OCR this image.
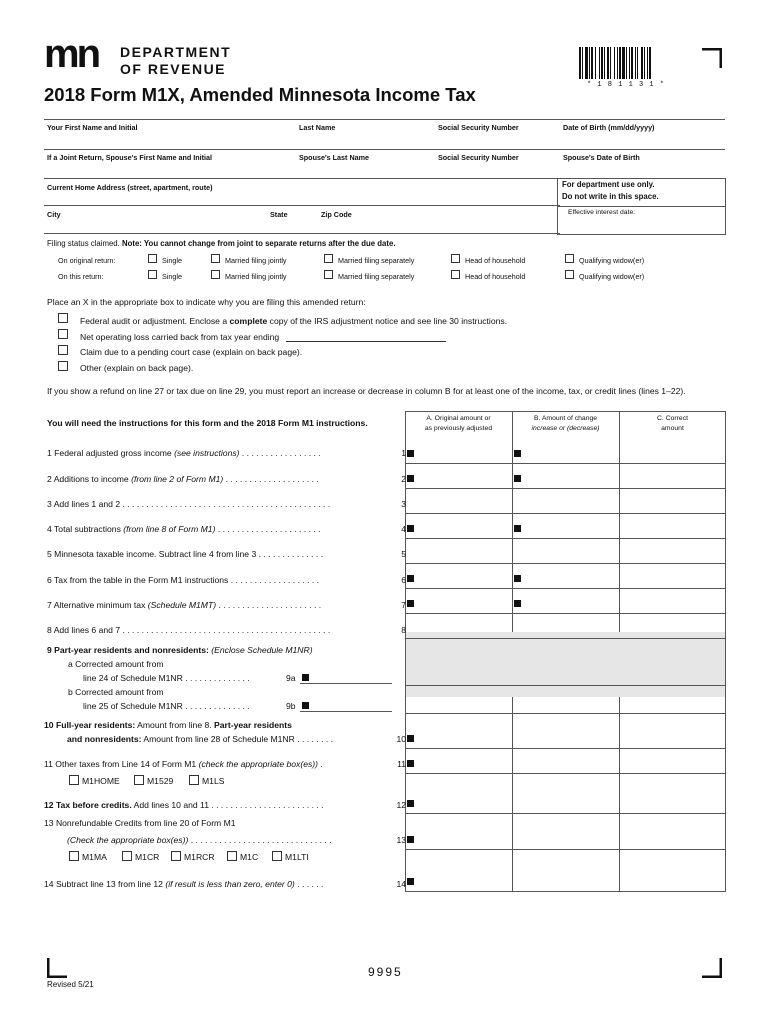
mn DEPARTMENT
OF REVENUE
* 1 8 1 1 3 1 *
2018 Form M1X, Amended Minnesota Income Tax
Your First Name and Initial	Last Name	Social Security Number	Date of Birth (mm/dd/yyyy)
If a Joint Return, Spouse's First Name and Initial	Spouse's Last Name	Social Security Number	Spouse's Date of Birth
Current Home Address (street, apartment, route)
City	State	Zip Code
For department use only.
Do not write in this space.
Effective interest date:
Filing status claimed. Note: You cannot change from joint to separate returns after the due date.
On original return:
On this return:
Single	Married filing jointly	Married filing separately	Head of household	Qualifying widow(er)
Single	Married filing jointly	Married filing separately	Head of household	Qualifying widow(er)
Place an X in the appropriate box to indicate why you are filing this amended return:
Federal audit or adjustment. Enclose a complete copy of the IRS adjustment notice and see line 30 instructions.
Net operating loss carried back from tax year ending
Claim due to a pending court case (explain on back page).
Other (explain on back page).
If you show a refund on line 27 or tax due on line 29, you must report an increase or decrease in column B for at least one of the income, tax, or credit lines (lines 1–22).
You will need the instructions for this form and the 2018 Form M1 instructions.	A. Original amount or
as previously adjusted
B. Amount of change
increase or (decrease)
C. Correct
amount
1 Federal adjusted gross income (see instructions) . . . . . . . . . . . . . . . . .	1
2 Additions to income (from line 2 of Form M1) . . . . . . . . . . . . . . . . . . . .	2
3 Add lines 1 and 2 . . . . . . . . . . . . . . . . . . . . . . . . . . . . . . . . . . . . . . . . . . . .	3
4 Total subtractions (from line 8 of Form M1) . . . . . . . . . . . . . . . . . . . . . .	4
5 Minnesota taxable income. Subtract line 4 from line 3 . . . . . . . . . . . . . .	5
6 Tax from the table in the Form M1 instructions . . . . . . . . . . . . . . . . . . .	6
7 Alternative minimum tax (Schedule M1MT) . . . . . . . . . . . . . . . . . . . . . .	7
8 Add lines 6 and 7 . . . . . . . . . . . . . . . . . . . . . . . . . . . . . . . . . . . . . . . . . . . .	8
9 Part-year residents and nonresidents: (Enclose Schedule M1NR)
a Corrected amount from
line 24 of Schedule M1NR . . . . . . . . . . . . . .	9a
b Corrected amount from
line 25 of Schedule M1NR . . . . . . . . . . . . . .	9b
10 Full-year residents: Amount from line 8. Part-year residents
and nonresidents: Amount from line 28 of Schedule M1NR . . . . . . . .	10
11 Other taxes from Line 14 of Form M1 (check the appropriate box(es)) .	11
M1HOME	M1529	M1LS
12 Tax before credits. Add lines 10 and 11 . . . . . . . . . . . . . . . . . . . . . . . .	12
13 Nonrefundable Credits from line 20 of Form M1
(Check the appropriate box(es)) . . . . . . . . . . . . . . . . . . . . . . . . . . . . . .	13
M1MA	M1CR	M1RCR	M1C	M1LTI
14 Subtract line 13 from line 12 (if result is less than zero, enter 0) . . . . . .	14
9995
Revised 5/21
